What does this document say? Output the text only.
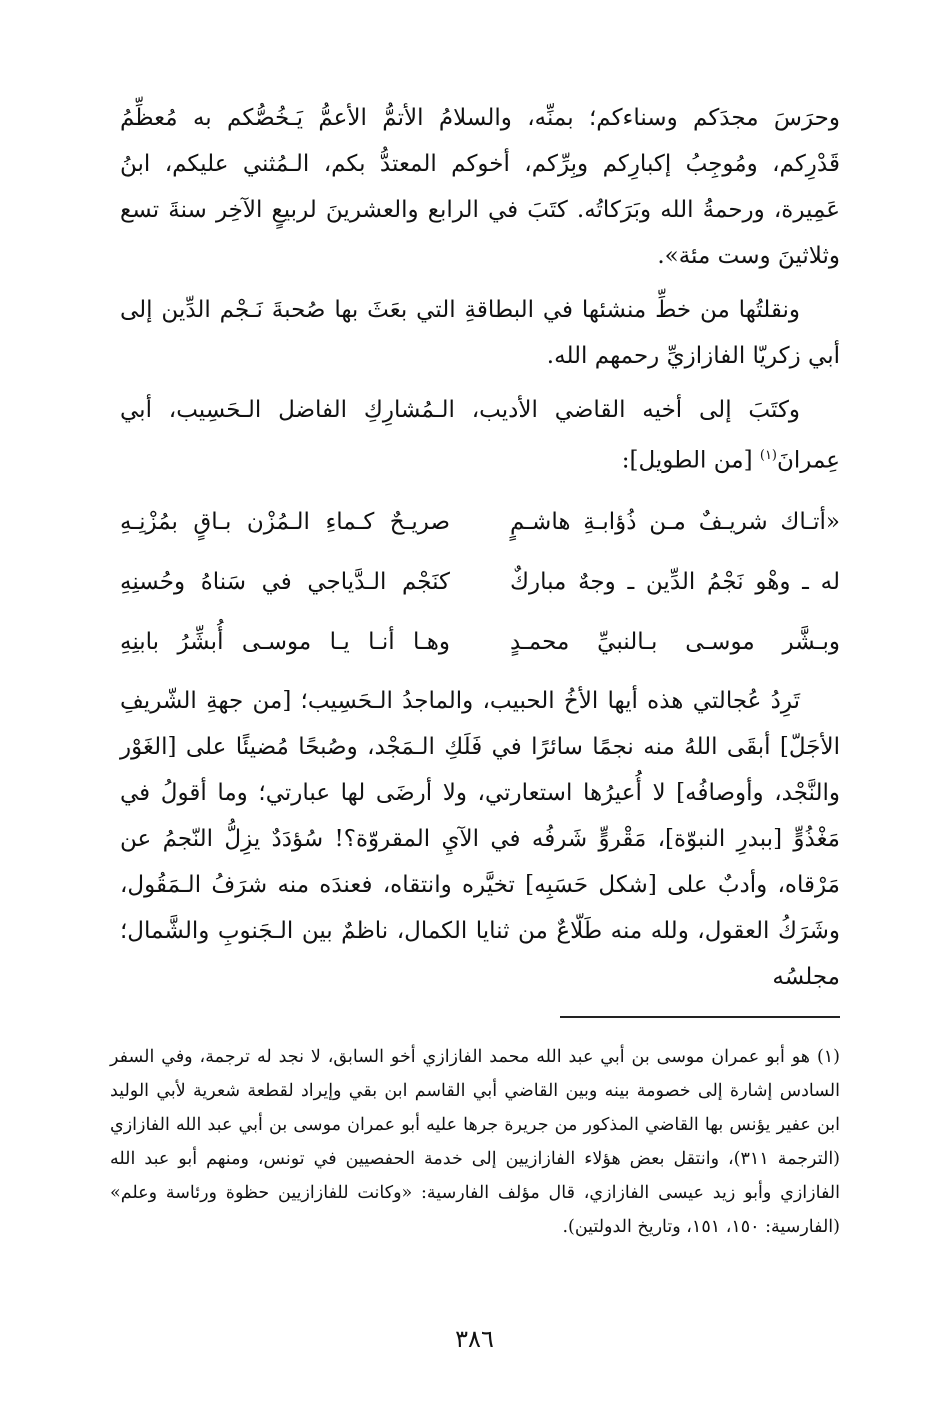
وحرَسَ مجدَكم وسناءكم؛ بمنِّه، والسلامُ الأتمُّ الأعمُّ يَـخُصُّكم به مُعظِّمُ قَدْرِكم، ومُوجِبُ إكبارِكم وبِرِّكم، أخوكم المعتدُّ بكم، الـمُثني عليكم، ابنُ عَمِيرة، ورحمةُ الله وبَرَكاتُه. كتَبَ في الرابع والعشرينَ لربيعٍ الآخِر سنةَ تسع وثلاثينَ وست مئة».

ونقلتُها من خطِّ منشئها في البطاقةِ التي بعَثَ بها صُحبةَ نَـجْم الدِّين إلى أبي زكريّا الفازازيِّ رحمهم الله.

وكتَبَ إلى أخيه القاضي الأديب، الـمُشارِكِ الفاضل الـحَسِيب، أبي عِمرانَ$^{(١)}$ [من الطويل]:

«أتـاك شريـفٌ مـن ذُؤابـةِ هاشـمٍ
صريـحٌ كـماءِ الـمُزْن بـاقٍ بمُزْنِـهِ
له ـ وهْو نَجْمُ الدِّين ـ وجهٌ مباركٌ
كنَجْم الـدَّياجي في سَناهُ وحُسنِهِ
وبـشَّر موسـى بـالنبيِّ محمـدٍ
وهـا أنـا يـا موسـى أُبشِّرُ بابنِهِ

تَرِدُ عُجالتي هذه أيها الأخُ الحبيب، والماجدُ الـحَسِيب؛ [من جهةِ الشّريفِ الأجَلّ] أبقَى اللهُ منه نجمًا سائرًا في فَلَكِ الـمَجْد، وصُبحًا مُضيئًا على [الغَوْر والنَّجْد، وأوصافُه] لا أُعيرُها استعارتي، ولا أرضَى لها عبارتي؛ وما أقولُ في مَغْذُوٍّ [ببدرِ النبوّة]، مَقْروٍّ شَرفُه في الآيِ المقروّة؟! سُؤدَدٌ يزِلُّ النّجمُ عن مَرْقاه، وأدبٌ على [شكل حَسَبِه] تخيَّره وانتقاه، فعندَه منه شرَفُ الـمَقُول، وشَرَكُ العقول، ولله منه طَلّاعٌ من ثنايا الكمال، ناظمٌ بين الـجَنوبِ والشَّمال؛ مجلسُه

(١) هو أبو عمران موسى بن أبي عبد الله محمد الفازازي أخو السابق، لا نجد له ترجمة، وفي السفر السادس إشارة إلى خصومة بينه وبين القاضي أبي القاسم ابن بقي وإيراد لقطعة شعرية لأبي الوليد ابن عفير يؤنس بها القاضي المذكور من جريرة جرها عليه أبو عمران موسى بن أبي عبد الله الفازازي (الترجمة ٣١١)، وانتقل بعض هؤلاء الفازازيين إلى خدمة الحفصيين في تونس، ومنهم أبو عبد الله الفازازي وأبو زيد عيسى الفازازي، قال مؤلف الفارسية: «وكانت للفازازيين حظوة ورئاسة وعلم» (الفارسية: ١٥٠، ١٥١، وتاريخ الدولتين).

٣٨٦
